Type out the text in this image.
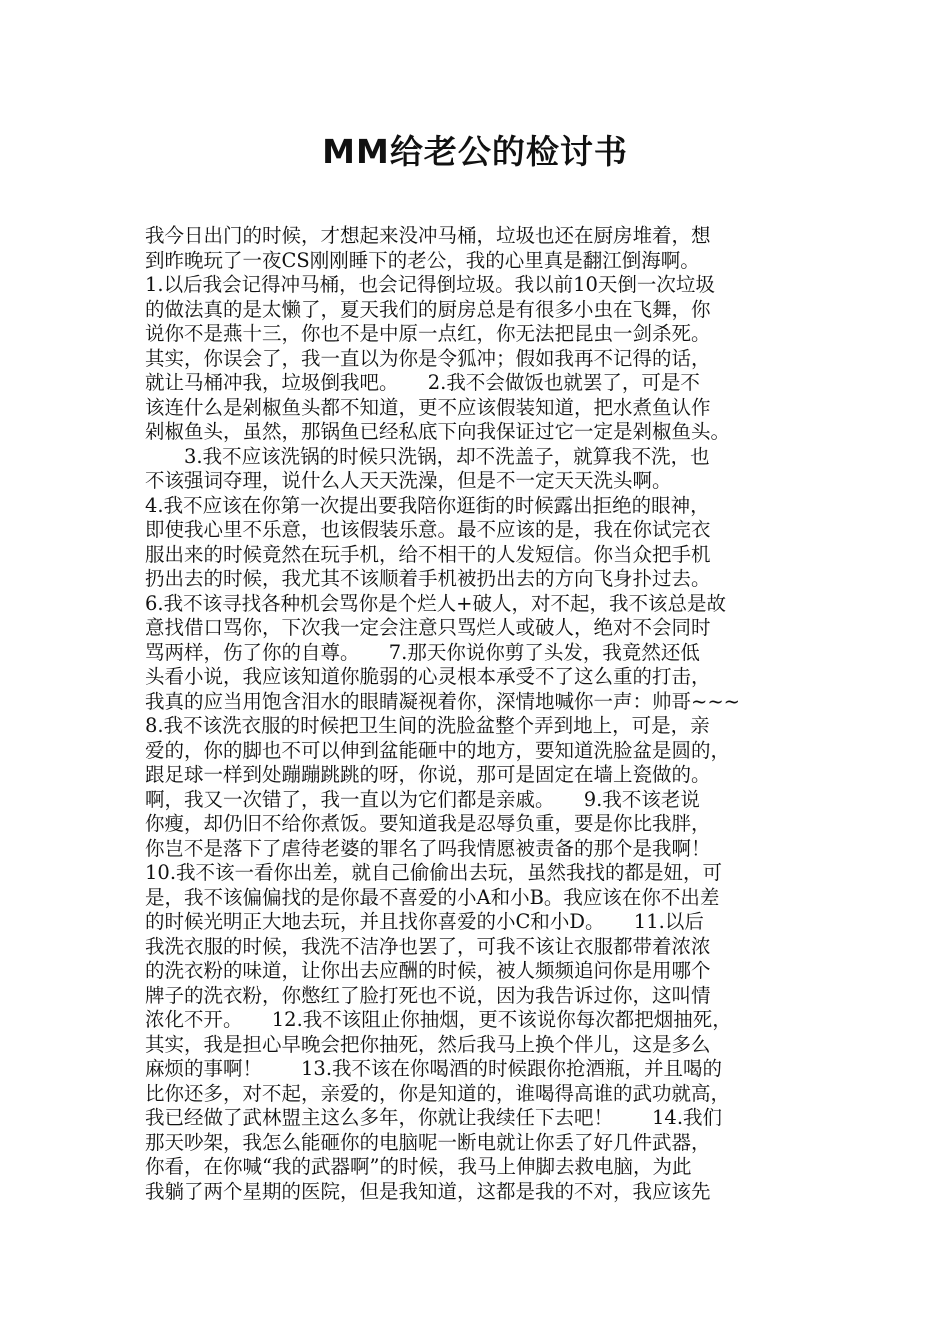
MM给老公的检讨书
我今日出门的时候，才想起来没冲马桶，垃圾也还在厨房堆着，想
到昨晚玩了一夜CS刚刚睡下的老公，我的心里真是翻江倒海啊。
1.以后我会记得冲马桶，也会记得倒垃圾。我以前10天倒一次垃圾
的做法真的是太懒了，夏天我们的厨房总是有很多小虫在飞舞，你
说你不是燕十三，你也不是中原一点红，你无法把昆虫一剑杀死。
其实，你误会了，我一直以为你是令狐冲；假如我再不记得的话，
就让马桶冲我，垃圾倒我吧。　　2.我不会做饭也就罢了，可是不
该连什么是剁椒鱼头都不知道，更不应该假装知道，把水煮鱼认作
剁椒鱼头，虽然，那锅鱼已经私底下向我保证过它一定是剁椒鱼头。
　　3.我不应该洗锅的时候只洗锅，却不洗盖子，就算我不洗，也
不该强词夺理，说什么人天天洗澡，但是不一定天天洗头啊。
4.我不应该在你第一次提出要我陪你逛街的时候露出拒绝的眼神，
即使我心里不乐意，也该假装乐意。最不应该的是，我在你试完衣
服出来的时候竟然在玩手机，给不相干的人发短信。你当众把手机
扔出去的时候，我尤其不该顺着手机被扔出去的方向飞身扑过去。
6.我不该寻找各种机会骂你是个烂人+破人，对不起，我不该总是故
意找借口骂你，下次我一定会注意只骂烂人或破人，绝对不会同时
骂两样，伤了你的自尊。　　7.那天你说你剪了头发，我竟然还低
头看小说，我应该知道你脆弱的心灵根本承受不了这么重的打击，
我真的应当用饱含泪水的眼睛凝视着你，深情地喊你一声：帅哥~~~
8.我不该洗衣服的时候把卫生间的洗脸盆整个弄到地上，可是，亲
爱的，你的脚也不可以伸到盆能砸中的地方，要知道洗脸盆是圆的，
跟足球一样到处蹦蹦跳跳的呀，你说，那可是固定在墙上瓷做的。
啊，我又一次错了，我一直以为它们都是亲戚。　　9.我不该老说
你瘦，却仍旧不给你煮饭。要知道我是忍辱负重，要是你比我胖，
你岂不是落下了虐待老婆的罪名了吗我情愿被责备的那个是我啊！
10.我不该一看你出差，就自己偷偷出去玩，虽然我找的都是妞，可
是，我不该偏偏找的是你最不喜爱的小A和小B。我应该在你不出差
的时候光明正大地去玩，并且找你喜爱的小C和小D。　　11.以后
我洗衣服的时候，我洗不洁净也罢了，可我不该让衣服都带着浓浓
的洗衣粉的味道，让你出去应酬的时候，被人频频追问你是用哪个
牌子的洗衣粉，你憋红了脸打死也不说，因为我告诉过你，这叫情
浓化不开。　　12.我不该阻止你抽烟，更不该说你每次都把烟抽死，
其实，我是担心早晚会把你抽死，然后我马上换个伴儿，这是多么
麻烦的事啊！　　13.我不该在你喝酒的时候跟你抢酒瓶，并且喝的
比你还多，对不起，亲爱的，你是知道的，谁喝得高谁的武功就高，
我已经做了武林盟主这么多年，你就让我续任下去吧！　　14.我们
那天吵架，我怎么能砸你的电脑呢一断电就让你丢了好几件武器，
你看，在你喊“我的武器啊”的时候，我马上伸脚去救电脑，为此
我躺了两个星期的医院，但是我知道，这都是我的不对，我应该先
